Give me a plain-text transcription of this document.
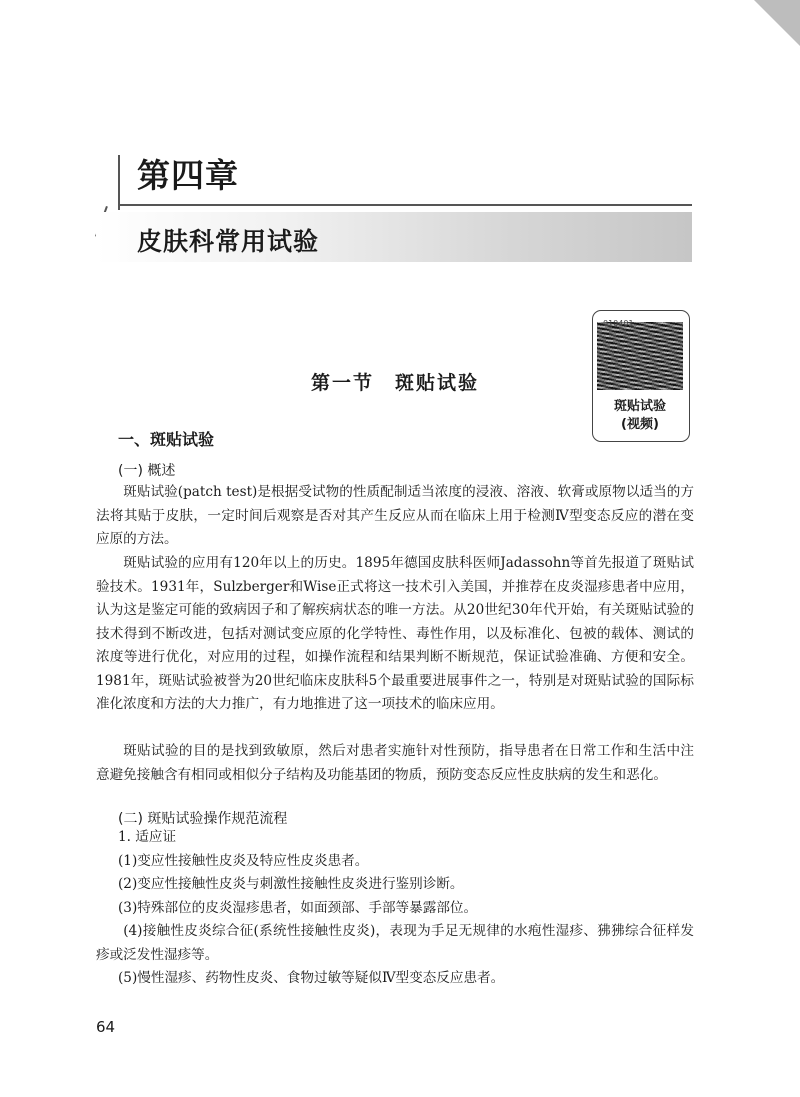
第四章
皮肤科常用试验
010401
斑贴试验
(视频)
第一节　斑贴试验
一、斑贴试验
(一) 概述

斑贴试验(patch test)是根据受试物的性质配制适当浓度的浸液、溶液、软膏或原物以适当的方法将其贴于皮肤，一定时间后观察是否对其产生反应从而在临床上用于检测Ⅳ型变态反应的潜在变应原的方法。

斑贴试验的应用有120年以上的历史。1895年德国皮肤科医师Jadassohn等首先报道了斑贴试验技术。1931年，Sulzberger和Wise正式将这一技术引入美国，并推荐在皮炎湿疹患者中应用，认为这是鉴定可能的致病因子和了解疾病状态的唯一方法。从20世纪30年代开始，有关斑贴试验的技术得到不断改进，包括对测试变应原的化学特性、毒性作用，以及标准化、包被的载体、测试的浓度等进行优化，对应用的过程，如操作流程和结果判断不断规范，保证试验准确、方便和安全。1981年，斑贴试验被誉为20世纪临床皮肤科5个最重要进展事件之一，特别是对斑贴试验的国际标准化浓度和方法的大力推广，有力地推进了这一项技术的临床应用。

斑贴试验的目的是找到致敏原，然后对患者实施针对性预防，指导患者在日常工作和生活中注意避免接触含有相同或相似分子结构及功能基团的物质，预防变态反应性皮肤病的发生和恶化。

(二) 斑贴试验操作规范流程
1. 适应证
(1)变应性接触性皮炎及特应性皮炎患者。
(2)变应性接触性皮炎与刺激性接触性皮炎进行鉴别诊断。
(3)特殊部位的皮炎湿疹患者，如面颈部、手部等暴露部位。

(4)接触性皮炎综合征(系统性接触性皮炎)，表现为手足无规律的水疱性湿疹、狒狒综合征样发疹或泛发性湿疹等。

(5)慢性湿疹、药物性皮炎、食物过敏等疑似Ⅳ型变态反应患者。
64
